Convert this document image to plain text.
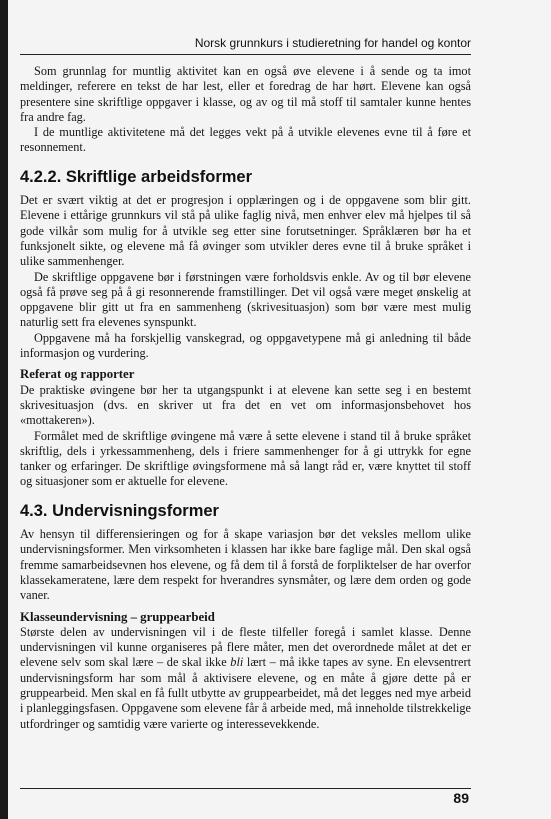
Norsk grunnkurs i studieretning for handel og kontor

Som grunnlag for muntlig aktivitet kan en også øve elevene i å sende og ta imot meldinger, referere en tekst de har lest, eller et foredrag de har hørt. Elevene kan også presentere sine skriftlige oppgaver i klasse, og av og til må stoff til samtaler kunne hentes fra andre fag.

I de muntlige aktivitetene må det legges vekt på å utvikle elevenes evne til å føre et resonnement.

4.2.2. Skriftlige arbeidsformer

Det er svært viktig at det er progresjon i opplæringen og i de oppgavene som blir gitt. Elevene i ettårige grunnkurs vil stå på ulike faglig nivå, men enhver elev må hjelpes til så gode vilkår som mulig for å utvikle seg etter sine forutsetninger. Språklæren bør ha et funksjonelt sikte, og elevene må få øvinger som utvikler deres evne til å bruke språket i ulike sammenhenger.

De skriftlige oppgavene bør i førstningen være forholdsvis enkle. Av og til bør elevene også få prøve seg på å gi resonnerende framstillinger. Det vil også være meget ønskelig at oppgavene blir gitt ut fra en sammenheng (skrivesituasjon) som bør være mest mulig naturlig sett fra elevenes synspunkt.

Oppgavene må ha forskjellig vanskegrad, og oppgavetypene må gi anledning til både informasjon og vurdering.

Referat og rapporter

De praktiske øvingene bør her ta utgangspunkt i at elevene kan sette seg i en bestemt skrivesituasjon (dvs. en skriver ut fra det en vet om informasjonsbehovet hos «mottakeren»).

Formålet med de skriftlige øvingene må være å sette elevene i stand til å bruke språket skriftlig, dels i yrkessammenheng, dels i friere sammenhenger for å gi uttrykk for egne tanker og erfaringer. De skriftlige øvingsformene må så langt råd er, være knyttet til stoff og situasjoner som er aktuelle for elevene.

4.3. Undervisningsformer

Av hensyn til differensieringen og for å skape variasjon bør det veksles mellom ulike undervisningsformer. Men virksomheten i klassen har ikke bare faglige mål. Den skal også fremme samarbeidsevnen hos elevene, og få dem til å forstå de forpliktelser de har overfor klassekameratene, lære dem respekt for hverandres synsmåter, og lære dem orden og gode vaner.

Klasseundervisning – gruppearbeid

Største delen av undervisningen vil i de fleste tilfeller foregå i samlet klasse. Denne undervisningen vil kunne organiseres på flere måter, men det overordnede målet at det er elevene selv som skal lære – de skal ikke bli lært – må ikke tapes av syne. En elevsentrert undervisningsform har som mål å aktivisere elevene, og en måte å gjøre dette på er gruppearbeid. Men skal en få fullt utbytte av gruppearbeidet, må det legges ned mye arbeid i planleggingsfasen. Oppgavene som elevene får å arbeide med, må inneholde tilstrekkelige utfordringer og samtidig være varierte og interessevekkende.

89
